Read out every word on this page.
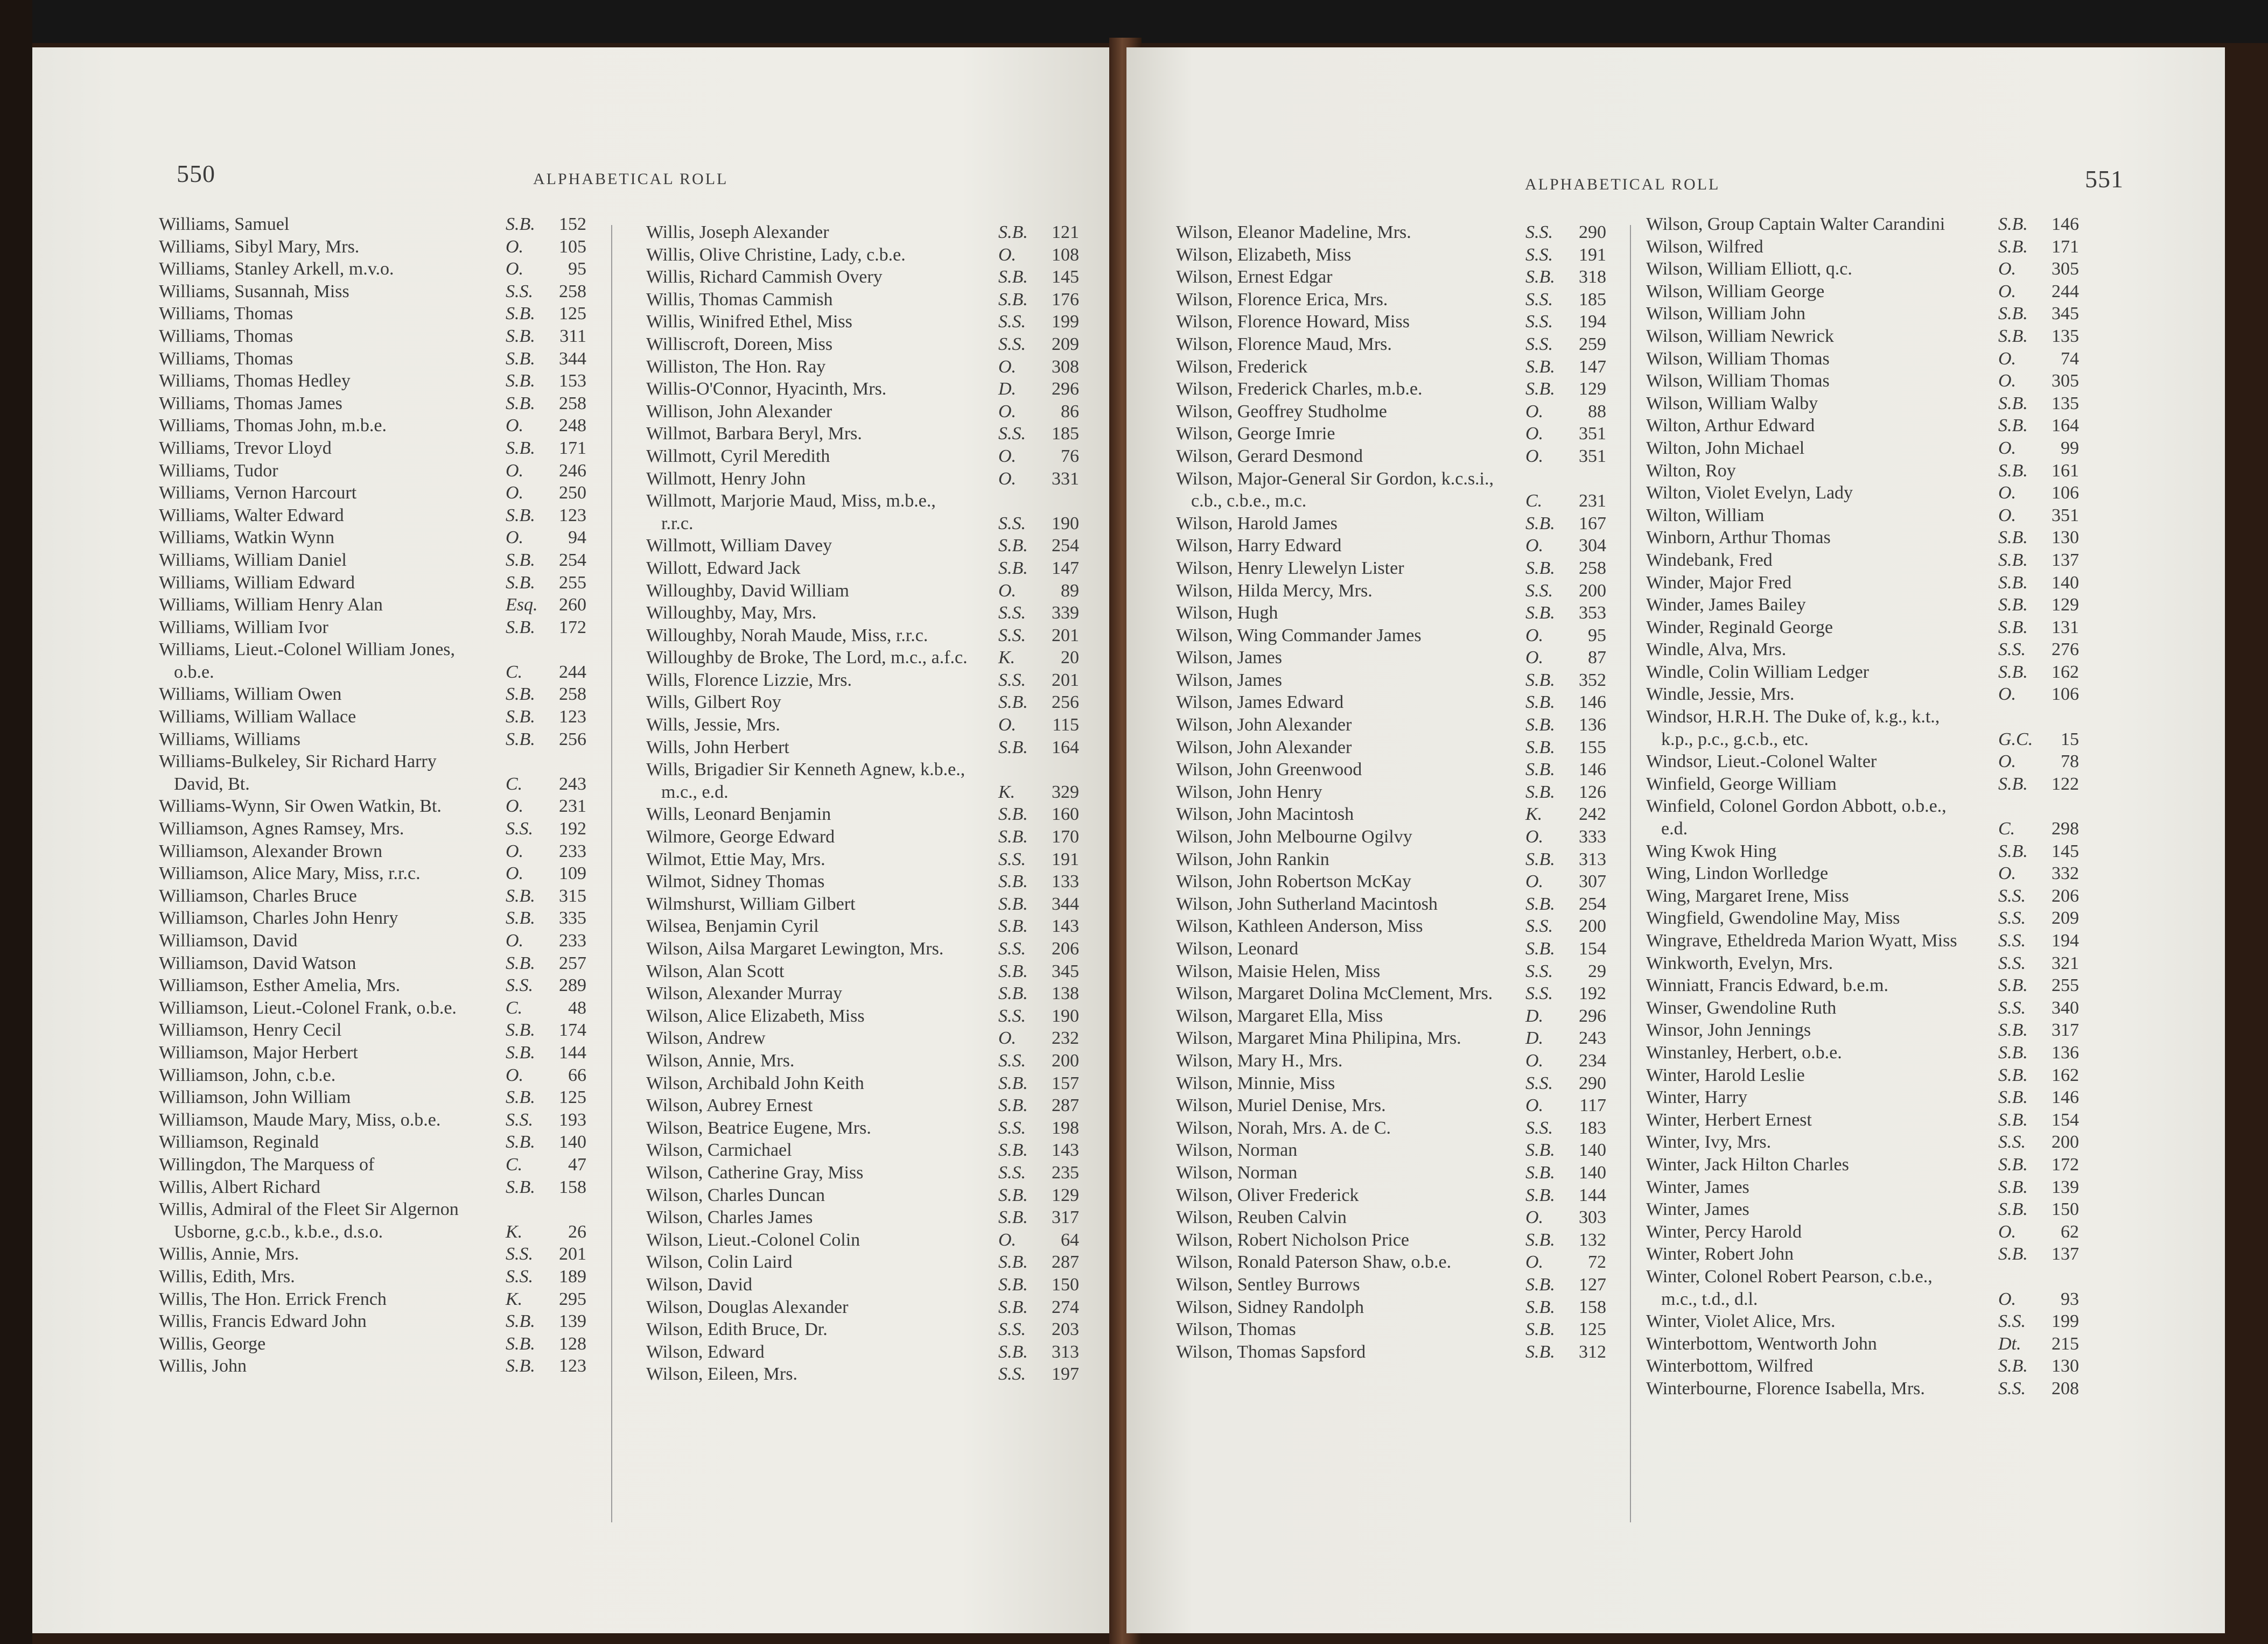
550	ALPHABETICAL ROLL
Williams, Samuel	S.B. 152
Williams, Sibyl Mary, Mrs.	O. 105
Williams, Stanley Arkell, m.v.o.	O. 95
Williams, Susannah, Miss	S.S. 258
Williams, Thomas	S.B. 125
Williams, Thomas	S.B. 311
Williams, Thomas	S.B. 344
Williams, Thomas Hedley	S.B. 153
Williams, Thomas James	S.B. 258
Williams, Thomas John, m.b.e.	O. 248
Williams, Trevor Lloyd	S.B. 171
Williams, Tudor	O. 246
Williams, Vernon Harcourt	O. 250
Williams, Walter Edward	S.B. 123
Williams, Watkin Wynn	O. 94
Williams, William Daniel	S.B. 254
Williams, William Edward	S.B. 255
Williams, William Henry Alan	Esq. 260
Williams, William Ivor	S.B. 172
Williams, Lieut.-Colonel William Jones, o.b.e.	C. 244
Williams, William Owen	S.B. 258
Williams, William Wallace	S.B. 123
Williams, Williams	S.B. 256
Williams-Bulkeley, Sir Richard Harry David, Bt.	C. 243
Williams-Wynn, Sir Owen Watkin, Bt.	O. 231
Williamson, Agnes Ramsey, Mrs.	S.S. 192
Williamson, Alexander Brown	O. 233
Williamson, Alice Mary, Miss, r.r.c.	O. 109
Williamson, Charles Bruce	S.B. 315
Williamson, Charles John Henry	S.B. 335
Williamson, David	O. 233
Williamson, David Watson	S.B. 257
Williamson, Esther Amelia, Mrs.	S.S. 289
Williamson, Lieut.-Colonel Frank, o.b.e.	C. 48
Williamson, Henry Cecil	S.B. 174
Williamson, Major Herbert	S.B. 144
Williamson, John, c.b.e.	O. 66
Williamson, John William	S.B. 125
Williamson, Maude Mary, Miss, o.b.e.	S.S. 193
Williamson, Reginald	S.B. 140
Willingdon, The Marquess of	C. 47
Willis, Albert Richard	S.B. 158
Willis, Admiral of the Fleet Sir Algernon Usborne, g.c.b., k.b.e., d.s.o.	K. 26
Willis, Annie, Mrs.	S.S. 201
Willis, Edith, Mrs.	S.S. 189
Willis, The Hon. Errick French	K. 295
Willis, Francis Edward John	S.B. 139
Willis, George	S.B. 128
Willis, John	S.B. 123
Willis, Joseph Alexander	S.B. 121
Willis, Olive Christine, Lady, c.b.e.	O. 108
Willis, Richard Cammish Overy	S.B. 145
Willis, Thomas Cammish	S.B. 176
Willis, Winifred Ethel, Miss	S.S. 199
Williscroft, Doreen, Miss	S.S. 209
Williston, The Hon. Ray	O. 308
Willis-O'Connor, Hyacinth, Mrs.	D. 296
Willison, John Alexander	O. 86
Willmot, Barbara Beryl, Mrs.	S.S. 185
Willmott, Cyril Meredith	O. 76
Willmott, Henry John	O. 331
Willmott, Marjorie Maud, Miss, m.b.e., r.r.c.	S.S. 190
Willmott, William Davey	S.B. 254
Willott, Edward Jack	S.B. 147
Willoughby, David William	O. 89
Willoughby, May, Mrs.	S.S. 339
Willoughby, Norah Maude, Miss, r.r.c.	S.S. 201
Willoughby de Broke, The Lord, m.c., a.f.c. K. 20
Wills, Florence Lizzie, Mrs.	S.S. 201
Wills, Gilbert Roy	S.B. 256
Wills, Jessie, Mrs.	O. 115
Wills, John Herbert	S.B. 164
Wills, Brigadier Sir Kenneth Agnew, k.b.e., m.c., e.d.	K. 329
Wills, Leonard Benjamin	S.B. 160
Wilmore, George Edward	S.B. 170
Wilmot, Ettie May, Mrs.	S.S. 191
Wilmot, Sidney Thomas	S.B. 133
Wilmshurst, William Gilbert	S.B. 344
Wilsea, Benjamin Cyril	S.B. 143
Wilson, Ailsa Margaret Lewington, Mrs.	S.S. 206
Wilson, Alan Scott	S.B. 345
Wilson, Alexander Murray	S.B. 138
Wilson, Alice Elizabeth, Miss	S.S. 190
Wilson, Andrew	O. 232
Wilson, Annie, Mrs.	S.S. 200
Wilson, Archibald John Keith	S.B. 157
Wilson, Aubrey Ernest	S.B. 287
Wilson, Beatrice Eugene, Mrs.	S.S. 198
Wilson, Carmichael	S.B. 143
Wilson, Catherine Gray, Miss	S.S. 235
Wilson, Charles Duncan	S.B. 129
Wilson, Charles James	S.B. 317
Wilson, Lieut.-Colonel Colin	O. 64
Wilson, Colin Laird	S.B. 287
Wilson, David	S.B. 150
Wilson, Douglas Alexander	S.B. 274
Wilson, Edith Bruce, Dr.	S.S. 203
Wilson, Edward	S.B. 313
Wilson, Eileen, Mrs.	S.S. 197
ALPHABETICAL ROLL	551
Wilson, Eleanor Madeline, Mrs.	S.S. 290
Wilson, Elizabeth, Miss	S.S. 191
Wilson, Ernest Edgar	S.B. 318
Wilson, Florence Erica, Mrs.	S.S. 185
Wilson, Florence Howard, Miss	S.S. 194
Wilson, Florence Maud, Mrs.	S.S. 259
Wilson, Frederick	S.B. 147
Wilson, Frederick Charles, m.b.e.	S.B. 129
Wilson, Geoffrey Studholme	O. 88
Wilson, George Imrie	O. 351
Wilson, Gerard Desmond	O. 351
Wilson, Major-General Sir Gordon, k.c.s.i., c.b., c.b.e., m.c.	C. 231
Wilson, Harold James	S.B. 167
Wilson, Harry Edward	O. 304
Wilson, Henry Llewelyn Lister	S.B. 258
Wilson, Hilda Mercy, Mrs.	S.S. 200
Wilson, Hugh	S.B. 353
Wilson, Wing Commander James	O. 95
Wilson, James	O. 87
Wilson, James	S.B. 352
Wilson, James Edward	S.B. 146
Wilson, John Alexander	S.B. 136
Wilson, John Alexander	S.B. 155
Wilson, John Greenwood	S.B. 146
Wilson, John Henry	S.B. 126
Wilson, John Macintosh	K. 242
Wilson, John Melbourne Ogilvy	O. 333
Wilson, John Rankin	S.B. 313
Wilson, John Robertson McKay	O. 307
Wilson, John Sutherland Macintosh	S.B. 254
Wilson, Kathleen Anderson, Miss	S.S. 200
Wilson, Leonard	S.B. 154
Wilson, Maisie Helen, Miss	S.S. 29
Wilson, Margaret Dolina McClement, Mrs.	S.S. 192
Wilson, Margaret Ella, Miss	D. 296
Wilson, Margaret Mina Philipina, Mrs.	D. 243
Wilson, Mary H., Mrs.	O. 234
Wilson, Minnie, Miss	S.S. 290
Wilson, Muriel Denise, Mrs.	O. 117
Wilson, Norah, Mrs. A. de C.	S.S. 183
Wilson, Norman	S.B. 140
Wilson, Norman	S.B. 140
Wilson, Oliver Frederick	S.B. 144
Wilson, Reuben Calvin	O. 303
Wilson, Robert Nicholson Price	S.B. 132
Wilson, Ronald Paterson Shaw, o.b.e.	O. 72
Wilson, Sentley Burrows	S.B. 127
Wilson, Sidney Randolph	S.B. 158
Wilson, Thomas	S.B. 125
Wilson, Thomas Sapsford	S.B. 312
Wilson, Group Captain Walter Carandini	S.B. 146
Wilson, Wilfred	S.B. 171
Wilson, William Elliott, q.c.	O. 305
Wilson, William George	O. 244
Wilson, William John	S.B. 345
Wilson, William Newrick	S.B. 135
Wilson, William Thomas	O. 74
Wilson, William Thomas	O. 305
Wilson, William Walby	S.B. 135
Wilton, Arthur Edward	S.B. 164
Wilton, John Michael	O. 99
Wilton, Roy	S.B. 161
Wilton, Violet Evelyn, Lady	O. 106
Wilton, William	O. 351
Winborn, Arthur Thomas	S.B. 130
Windebank, Fred	S.B. 137
Winder, Major Fred	S.B. 140
Winder, James Bailey	S.B. 129
Winder, Reginald George	S.B. 131
Windle, Alva, Mrs.	S.S. 276
Windle, Colin William Ledger	S.B. 162
Windle, Jessie, Mrs.	O. 106
Windsor, H.R.H. The Duke of, k.g., k.t., k.p., p.c., g.c.b., etc.	G.C. 15
Windsor, Lieut.-Colonel Walter	O. 78
Winfield, George William	S.B. 122
Winfield, Colonel Gordon Abbott, o.b.e., e.d.	C. 298
Wing Kwok Hing	S.B. 145
Wing, Lindon Worlledge	O. 332
Wing, Margaret Irene, Miss	S.S. 206
Wingfield, Gwendoline May, Miss	S.S. 209
Wingrave, Etheldreda Marion Wyatt, Miss	S.S. 194
Winkworth, Evelyn, Mrs.	S.S. 321
Winniatt, Francis Edward, b.e.m.	S.B. 255
Winser, Gwendoline Ruth	S.S. 340
Winsor, John Jennings	S.B. 317
Winstanley, Herbert, o.b.e.	S.B. 136
Winter, Harold Leslie	S.B. 162
Winter, Harry	S.B. 146
Winter, Herbert Ernest	S.B. 154
Winter, Ivy, Mrs.	S.S. 200
Winter, Jack Hilton Charles	S.B. 172
Winter, James	S.B. 139
Winter, James	S.B. 150
Winter, Percy Harold	O. 62
Winter, Robert John	S.B. 137
Winter, Colonel Robert Pearson, c.b.e., m.c., t.d., d.l.	O. 93
Winter, Violet Alice, Mrs.	S.S. 199
Winterbottom, Wentworth John	Dt. 215
Winterbottom, Wilfred	S.B. 130
Winterbourne, Florence Isabella, Mrs.	S.S. 208
